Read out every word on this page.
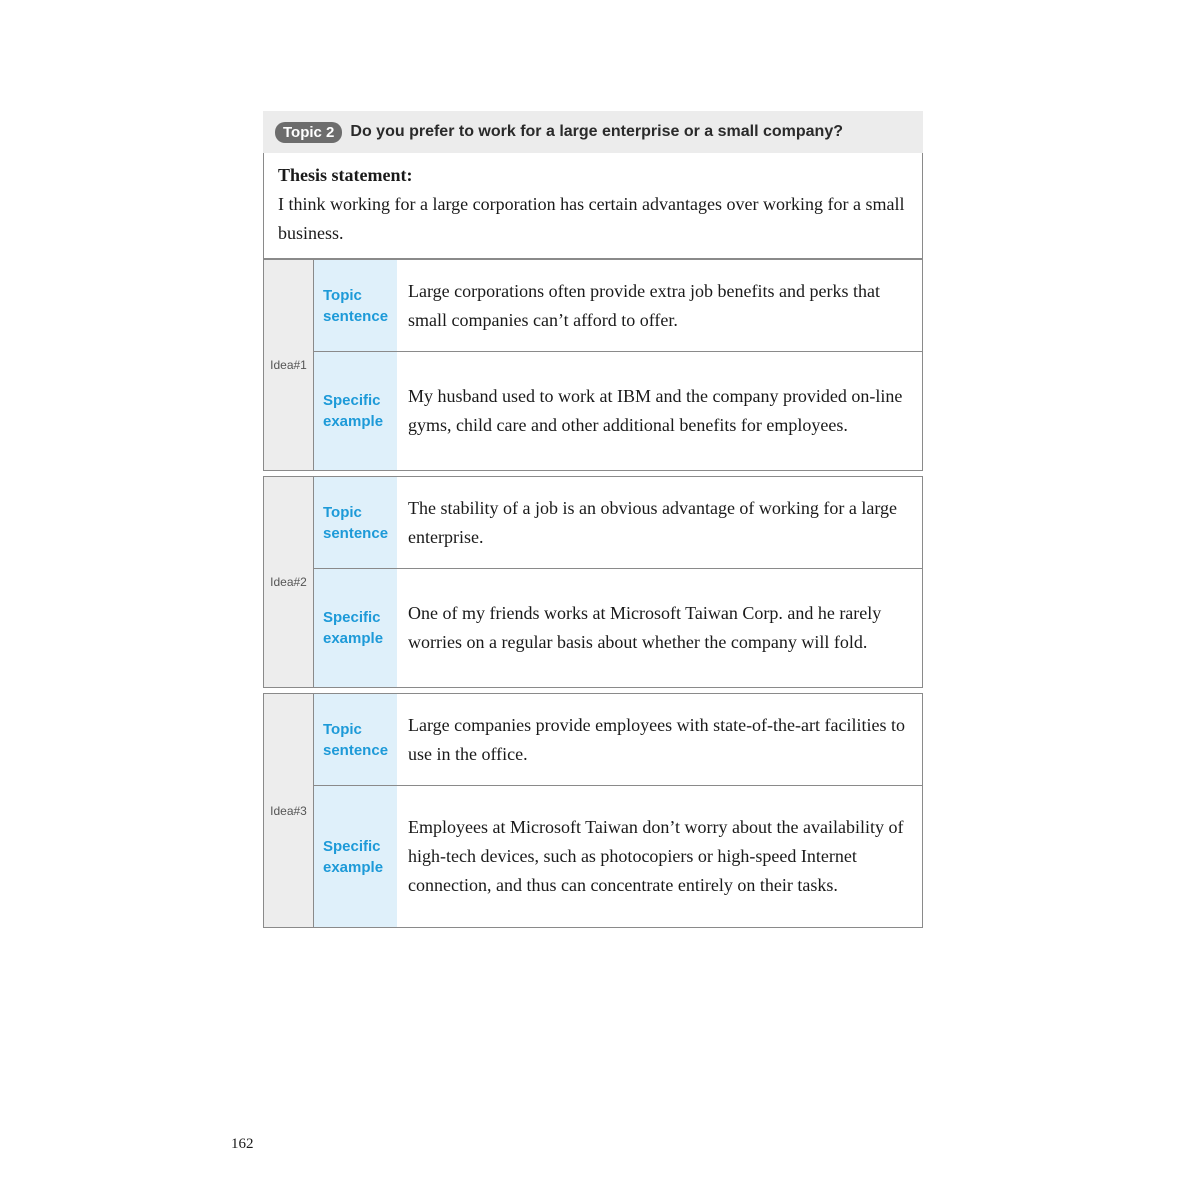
Topic 2	Do you prefer to work for a large enterprise or a small company?
Thesis statement:
I think working for a large corporation has certain advantages over working for a small business.
Idea#1
Topic sentence
Large corporations often provide extra job benefits and perks that small companies can’t afford to offer.
Specific example
My husband used to work at IBM and the company provided on-line gyms, child care and other additional benefits for employees.
Idea#2
Topic sentence
The stability of a job is an obvious advantage of working for a large enterprise.
Specific example
One of my friends works at Microsoft Taiwan Corp. and he rarely worries on a regular basis about whether the company will fold.
Idea#3
Topic sentence
Large companies provide employees with state-of-the-art facilities to use in the office.
Specific example
Employees at Microsoft Taiwan don’t worry about the availability of high-tech devices, such as photocopiers or high-speed Internet connection, and thus can concentrate entirely on their tasks.
162
